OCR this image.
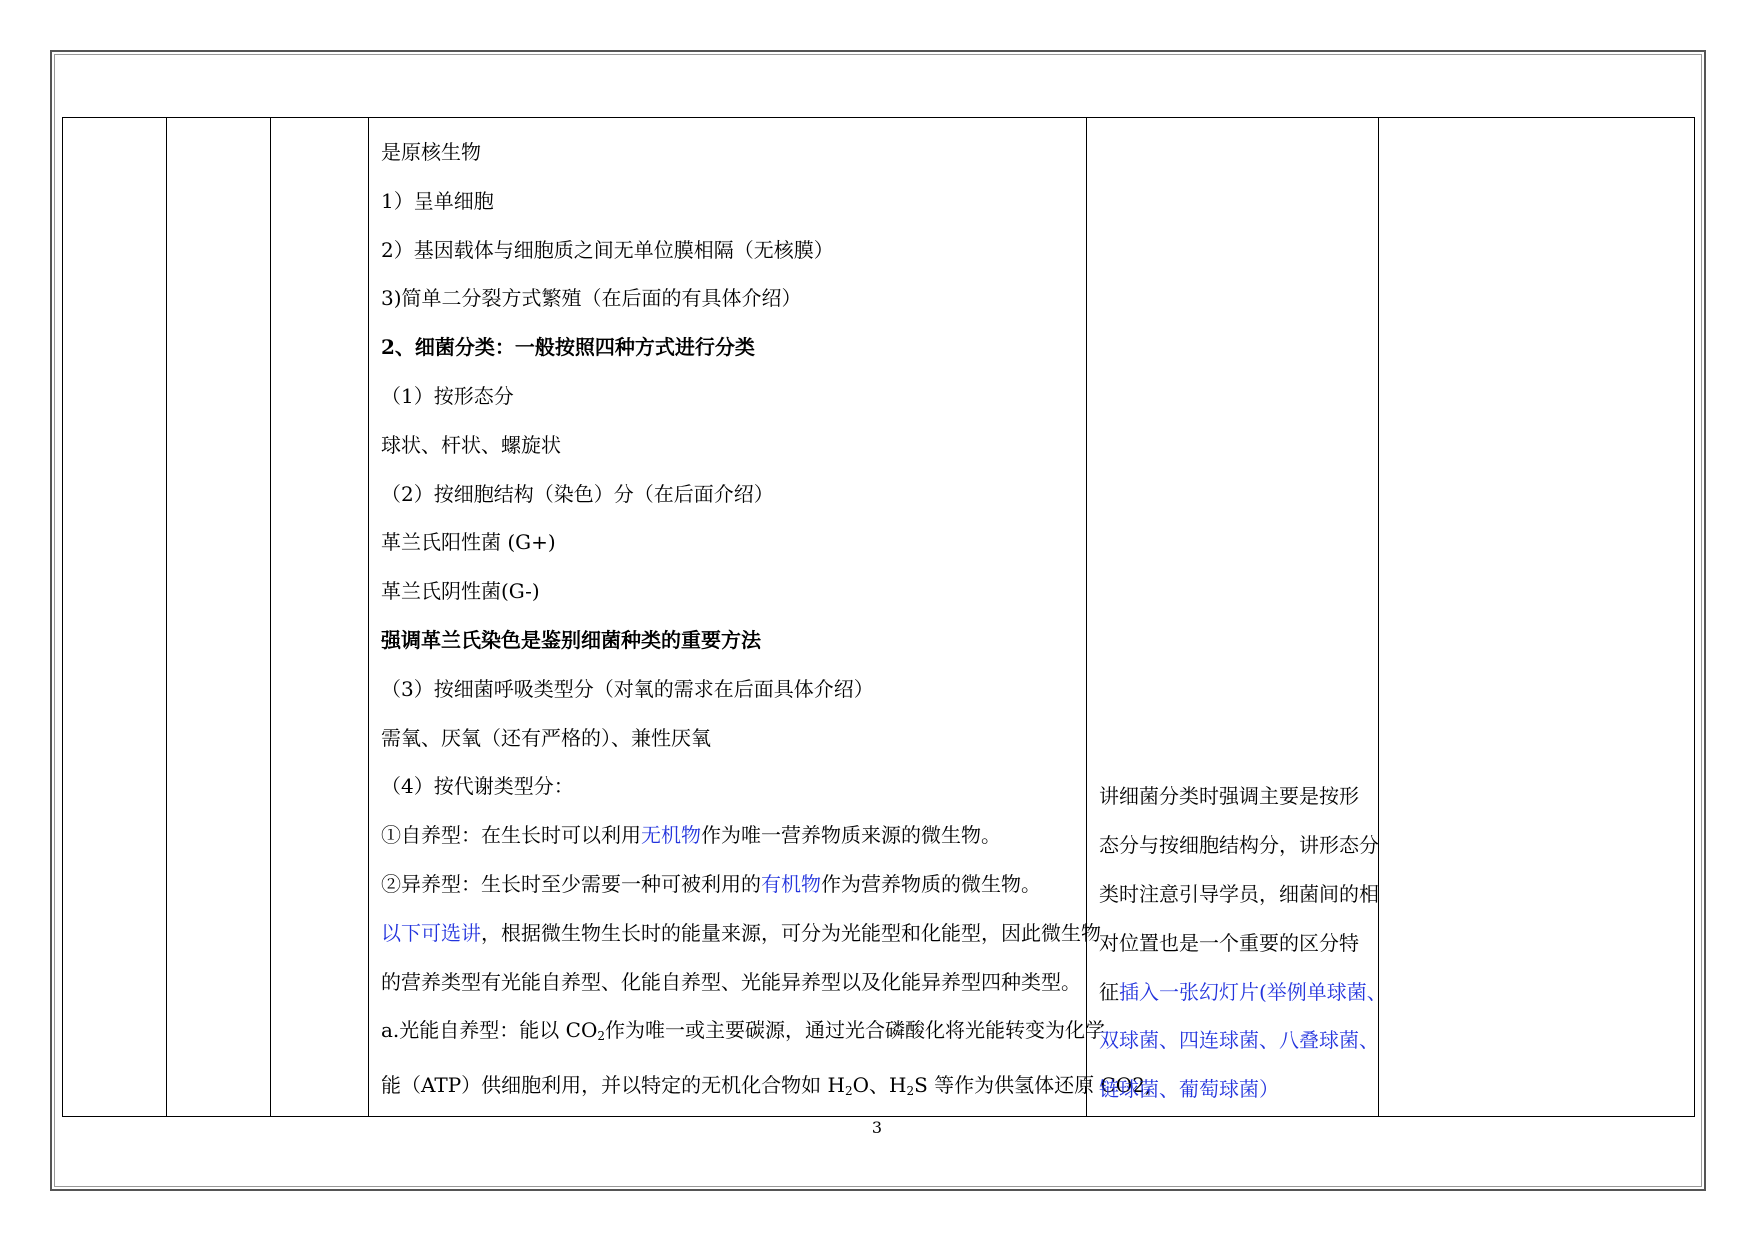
是原核生物
1）呈单细胞
2）基因载体与细胞质之间无单位膜相隔（无核膜）
3)简单二分裂方式繁殖（在后面的有具体介绍）
2、细菌分类：一般按照四种方式进行分类
（1）按形态分
球状、杆状、螺旋状
（2）按细胞结构（染色）分（在后面介绍）
革兰氏阳性菌 (G+)
革兰氏阴性菌(G-)
强调革兰氏染色是鉴别细菌种类的重要方法
（3）按细菌呼吸类型分（对氧的需求在后面具体介绍）
需氧、厌氧（还有严格的）、兼性厌氧
（4）按代谢类型分：
①自养型：在生长时可以利用无机物作为唯一营养物质来源的微生物。
②异养型：生长时至少需要一种可被利用的有机物作为营养物质的微生物。
以下可选讲，根据微生物生长时的能量来源，可分为光能型和化能型，因此微生物
的营养类型有光能自养型、化能自养型、光能异养型以及化能异养型四种类型。
a.光能自养型：能以 $CO_2$作为唯一或主要碳源，通过光合磷酸化将光能转变为化学
能（ATP）供细胞利用，并以特定的无机化合物如 $H_2O$、$H_2S$ 等作为供氢体还原 CO2,

讲细菌分类时强调主要是按形
态分与按细胞结构分，讲形态分
类时注意引导学员，细菌间的相
对位置也是一个重要的区分特
征插入一张幻灯片(举例单球菌、
双球菌、四连球菌、八叠球菌、
链球菌、葡萄球菌）

3
